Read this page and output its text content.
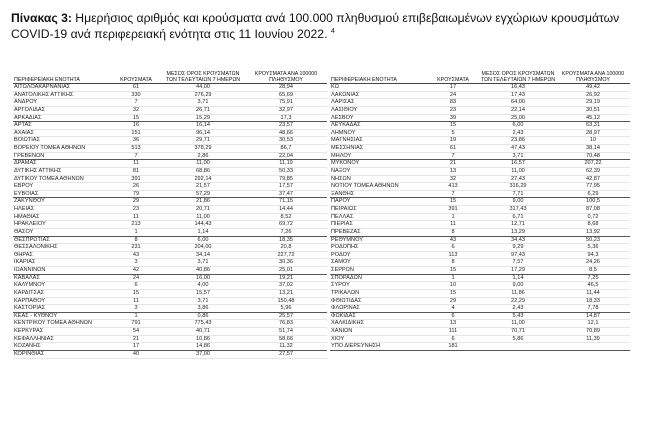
Πίνακας 3: Ημερήσιος αριθμός και κρούσματα ανά 100.000 πληθυσμού επιβεβαιωμένων εγχώριων κρουσμάτων COVID-19 ανά περιφερειακή ενότητα στις 11 Ιουνίου 2022. $^4$
ΠΕΡΙΦΕΡΕΙΑΚΗ ΕΝΟΤΗΤΑ	ΚΡΟΥΣΜΑΤΑ	ΜΕΣΟΣ ΟΡΟΣ ΚΡΟΥΣΜΑΤΩΝ ΤΩΝ ΤΕΛΕΥΤΑΙΩΝ 7 ΗΜΕΡΩΝ	ΚΡΟΥΣΜΑΤΑ ΑΝΑ 100000 ΠΛΗΘΥΣΜΟΥ
ΑΙΤΩΛΟΑΚΑΡΝΑΝΙΑΣ	61	44,00	28,94
ΑΝΑΤΟΛΙΚΗΣ ΑΤΤΙΚΗΣ	330	276,29	65,69
ΑΝΔΡΟΥ	7	3,71	75,91
ΑΡΓΟΛΙΔΑΣ	32	26,71	32,97
ΑΡΚΑΔΙΑΣ	15	15,29	17,3
ΑΡΤΑΣ	16	16,14	23,57
ΑΧΑΪΑΣ	151	96,14	48,66
ΒΟΙΩΤΙΑΣ	36	29,71	30,53
ΒΟΡΕΙΟΥ ΤΟΜΕΑ ΑΘΗΝΩΝ	513	378,29	86,7
ΓΡΕΒΕΝΩΝ	7	2,86	22,04
ΔΡΑΜΑΣ	11	11,00	11,19
ΔΥΤΙΚΗΣ ΑΤΤΙΚΗΣ	81	68,86	50,33
ΔΥΤΙΚΟΥ ΤΟΜΕΑ ΑΘΗΝΩΝ	391	292,14	79,85
ΕΒΡΟΥ	26	21,57	17,57
ΕΥΒΟΙΑΣ	79	57,29	37,47
ΖΑΚΥΝΘΟΥ	29	21,86	71,15
ΗΛΕΙΑΣ	23	20,71	14,44
ΗΜΑΘΙΑΣ	11	11,00	8,52
ΗΡΑΚΛΕΙΟΥ	213	144,43	69,72
ΘΑΣΟΥ	1	1,14	7,26
ΘΕΣΠΡΩΤΙΑΣ	8	6,00	18,35
ΘΕΣΣΑΛΟΝΙΚΗΣ	231	204,00	20,8
ΘΗΡΑΣ	43	34,14	227,72
ΙΚΑΡΙΑΣ	3	3,71	30,36
ΙΩΑΝΝΙΝΩΝ	42	40,86	25,01
ΚΑΒΑΛΑΣ	24	16,00	19,21
ΚΑΛΥΜΝΟΥ	6	4,00	37,02
ΚΑΡΔΙΤΣΑΣ	15	15,57	13,21
ΚΑΡΠΑΘΟΥ	11	3,71	150,48
ΚΑΣΤΟΡΙΑΣ	3	3,86	5,96
ΚΕΑΣ - ΚΥΘΝΟΥ	1	0,86	25,57
ΚΕΝΤΡΙΚΟΥ ΤΟΜΕΑ ΑΘΗΝΩΝ	791	775,43	76,83
ΚΕΡΚΥΡΑΣ	54	40,71	51,74
ΚΕΦΑΛΛΗΝΙΑΣ	21	10,86	58,66
ΚΟΖΑΝΗΣ	17	14,86	11,32
ΚΟΡΙΝΘΙΑΣ	40	37,00	27,57
ΠΕΡΙΦΕΡΕΙΑΚΗ ΕΝΟΤΗΤΑ	ΚΡΟΥΣΜΑΤΑ	ΜΕΣΟΣ ΟΡΟΣ ΚΡΟΥΣΜΑΤΩΝ ΤΩΝ ΤΕΛΕΥΤΑΙΩΝ 7 ΗΜΕΡΩΝ	ΚΡΟΥΣΜΑΤΑ ΑΝΑ 100000 ΠΛΗΘΥΣΜΟΥ
ΚΩ	17	16,43	49,42
ΛΑΚΩΝΙΑΣ	24	17,43	26,92
ΛΑΡΙΣΑΣ	83	64,00	29,19
ΛΑΣΙΘΙΟΥ	23	22,14	30,51
ΛΕΣΒΟΥ	39	25,00	45,12
ΛΕΥΚΑΔΑΣ	15	6,00	63,31
ΛΗΜΝΟΥ	5	2,43	28,97
ΜΑΓΝΗΣΙΑΣ	19	23,86	10
ΜΕΣΣΗΝΙΑΣ	61	47,43	38,14
ΜΗΛΟΥ	7	3,71	70,48
ΜΥΚΟΝΟΥ	21	16,57	207,22
ΝΑΞΟΥ	13	11,00	62,39
ΝΗΣΩΝ	32	27,43	42,87
ΝΟΤΙΟΥ ΤΟΜΕΑ ΑΘΗΝΩΝ	413	316,29	77,95
ΞΑΝΘΗΣ	7	7,71	6,29
ΠΑΡΟΥ	15	9,00	100,5
ΠΕΙΡΑΙΩΣ	391	317,43	87,08
ΠΕΛΛΑΣ	1	6,71	0,72
ΠΙΕΡΙΑΣ	11	12,71	8,68
ΠΡΕΒΕΖΑΣ	8	13,29	13,92
ΡΕΘΥΜΝΟΥ	43	34,43	50,23
ΡΟΔΟΠΗΣ	6	9,29	5,36
ΡΟΔΟΥ	113	97,43	94,3
ΣΑΜΟΥ	8	7,57	24,26
ΣΕΡΡΩΝ	15	17,29	8,5
ΣΠΟΡΑΔΩΝ	1	1,14	7,25
ΣΥΡΟΥ	10	9,00	46,5
ΤΡΙΚΑΛΩΝ	15	11,86	11,44
ΦΘΙΩΤΙΔΑΣ	29	22,29	18,33
ΦΛΩΡΙΝΑΣ	4	2,43	7,78
ΦΩΚΙΔΑΣ	6	5,43	14,87
ΧΑΛΚΙΔΙΚΗΣ	13	11,00	12,1
ΧΑΝΙΩΝ	111	70,71	70,89
ΧΙΟΥ	6	5,86	11,39
ΥΠΟ ΔΙΕΡΕΥΝΗΣΗ	181		
